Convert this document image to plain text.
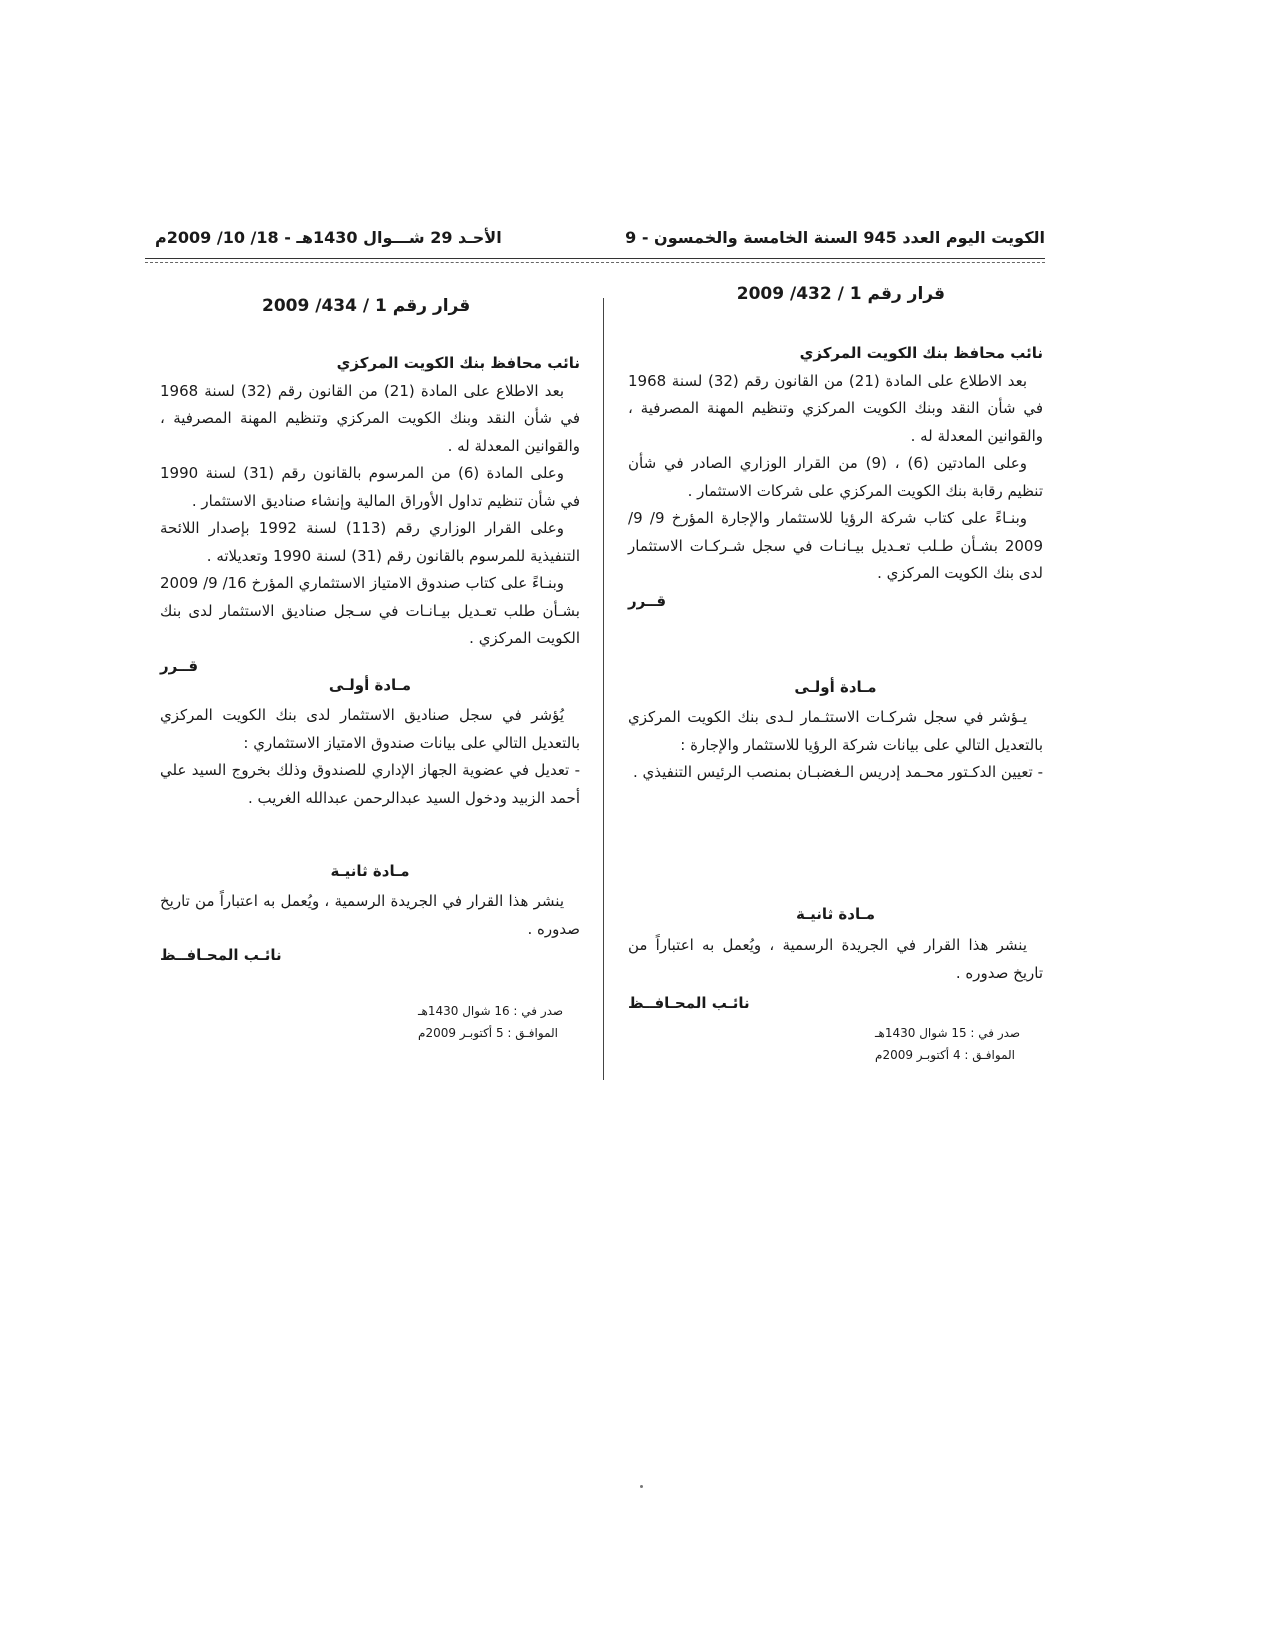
الكويت اليوم العدد 945 السنة الخامسة والخمسون - 9
الأحـد 29 شـــوال 1430هـ - 18/ 10/ 2009م
قرار رقم 1 / 432/ 2009
نائب محافظ بنك الكويت المركزي

بعد الاطلاع على المادة (21) من القانون رقم (32) لسنة 1968 في شأن النقد وبنك الكويت المركزي وتنظيم المهنة المصرفية ، والقوانين المعدلة له .

وعلى المادتين (6) ، (9) من القرار الوزاري الصادر في شأن تنظيم رقابة بنك الكويت المركزي على شركات الاستثمار .

وبنـاءً على كتاب شركة الرؤيا للاستثمار والإجارة المؤرخ 9/ 9/ 2009 بشـأن طـلب تعـديل بيـانـات في سجل شـركـات الاستثمار لدى بنك الكويت المركزي .

قــرر
مـادة أولـى

يـؤشر في سجل شركـات الاستثـمار لـدى بنك الكويت المركزي بالتعديل التالي على بيانات شركة الرؤيا للاستثمار والإجارة :

- تعيين الدكـتور محـمد إدريس الـغضبـان بمنصب الرئيس التنفيذي .

مـادة ثانيـة

ينشر هذا القرار في الجريدة الرسمية ، ويُعمل به اعتباراً من تاريخ صدوره .

نائـب المحـافــظ
صدر في : 15 شوال 1430هـ
الموافـق : 4 أكتوبـر 2009م
قرار رقم 1 / 434/ 2009
نائب محافظ بنك الكويت المركزي

بعد الاطلاع على المادة (21) من القانون رقم (32) لسنة 1968 في شأن النقد وبنك الكويت المركزي وتنظيم المهنة المصرفية ، والقوانين المعدلة له .

وعلى المادة (6) من المرسوم بالقانون رقم (31) لسنة 1990 في شأن تنظيم تداول الأوراق المالية وإنشاء صناديق الاستثمار .

وعلى القرار الوزاري رقم (113) لسنة 1992 بإصدار اللائحة التنفيذية للمرسوم بالقانون رقم (31) لسنة 1990 وتعديلاته .

وبنـاءً على كتاب صندوق الامتياز الاستثماري المؤرخ 16/ 9/ 2009 بشـأن طلب تعـديل بيـانـات في سـجل صناديق الاستثمار لدى بنك الكويت المركزي .

قــرر
مـادة أولـى

يُؤشر في سجل صناديق الاستثمار لدى بنك الكويت المركزي بالتعديل التالي على بيانات صندوق الامتياز الاستثماري :

- تعديل في عضوية الجهاز الإداري للصندوق وذلك بخروج السيد علي أحمد الزبيد ودخول السيد عبدالرحمن عبدالله الغريب .

مـادة ثانيـة

ينشر هذا القرار في الجريدة الرسمية ، ويُعمل به اعتباراً من تاريخ صدوره .

نائـب المحـافــظ
صدر في : 16 شوال 1430هـ
الموافـق : 5 أكتوبـر 2009م
